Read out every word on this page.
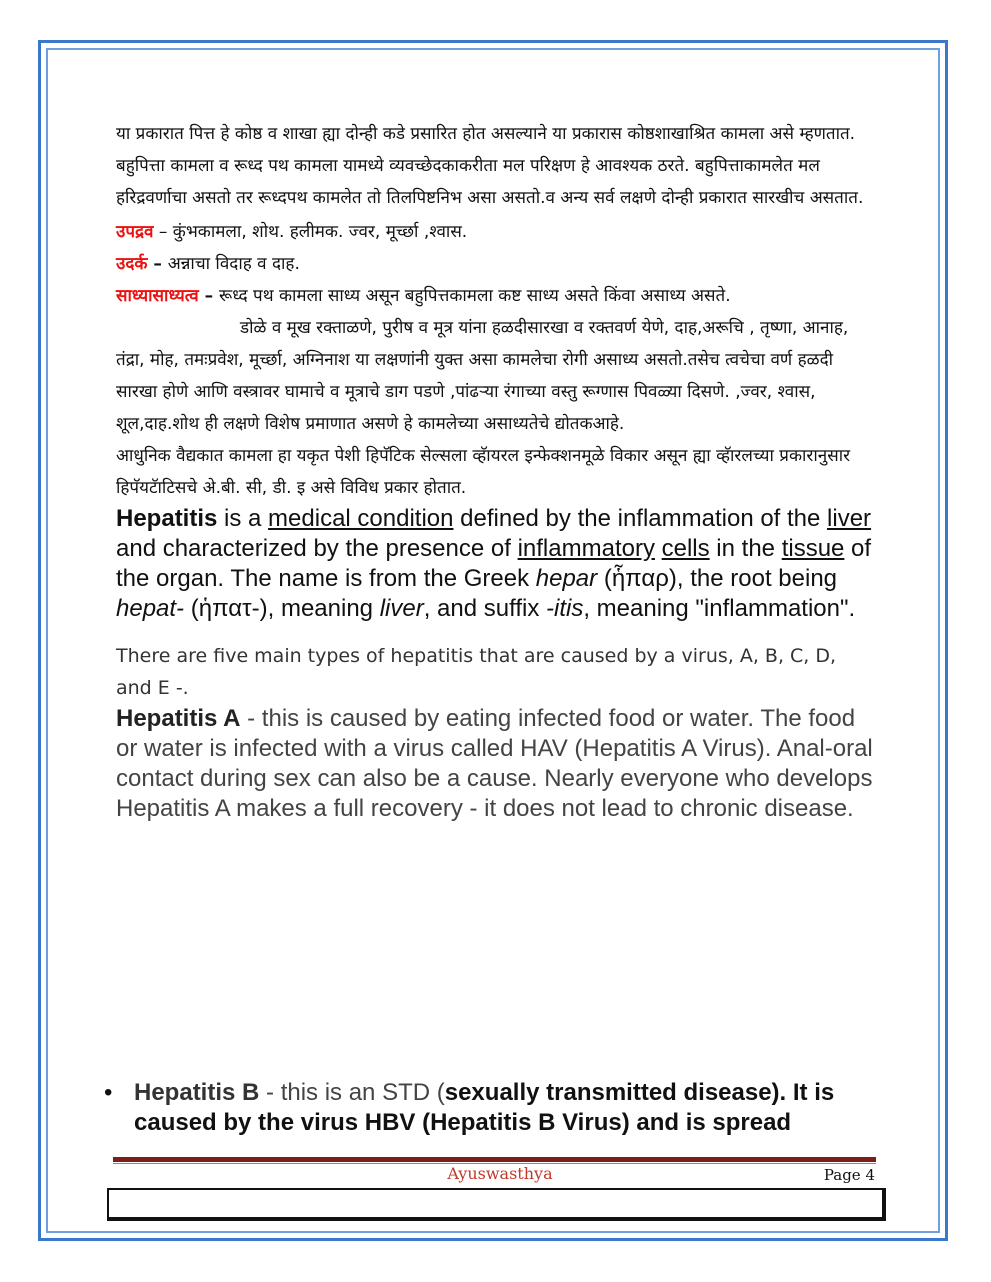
या प्रकारात पित्त हे कोष्ठ व शाखा ह्या दोन्ही कडे प्रसारित होत असल्याने या प्रकारास कोष्ठशाखाश्रित कामला असे म्हणतात.

बहुपित्ता कामला व रूध्द पथ कामला यामध्ये व्यवच्छेदकाकरीता मल परिक्षण हे आवश्यक ठरते. बहुपित्ताकामलेत मल हरिद्रवर्णाचा असतो तर रूध्दपथ कामलेत तो तिलपिष्टनिभ असा असतो.व अन्य सर्व लक्षणे दोन्ही प्रकारात सारखीच असतात.

उपद्रव – कुंभकामला, शोथ. हलीमक. ज्वर, मूर्च्छा ,श्वास.

उदर्क – अन्नाचा विदाह व दाह.

साध्यासाध्यत्व – रूध्द पथ कामला साध्य असून बहुपित्तकामला कष्ट साध्य असते किंवा असाध्य असते.

डोळे व मूख रक्ताळणे, पुरीष व मूत्र यांना हळदीसारखा व रक्तवर्ण येणे, दाह,अरूचि , तृष्णा, आनाह, तंद्रा, मोह, तमःप्रवेश, मूर्च्छा, अग्निनाश या लक्षणांनी युक्त असा कामलेचा रोगी असाध्य असतो.तसेच त्वचेचा वर्ण हळदी सारखा होणे आणि वस्त्रावर घामाचे व मूत्राचे डाग पडणे ,पांढऱ्या रंगाच्या वस्तु रूग्णास पिवळ्या दिसणे. ,ज्वर, श्वास, शूल,दाह.शोथ ही लक्षणे विशेष प्रमाणात असणे हे कामलेच्या असाध्यतेचे द्योतकआहे.

आधुनिक वैद्यकात कामला हा यकृत पेशी हिपॅटिक सेल्सला व्हॅायरल इन्फेक्शनमूळे विकार असून ह्या व्हॅारलच्या प्रकारानुसार हिपॅयटॅाटिसचे अे.बी. सी, डी. इ असे विविध प्रकार होतात.

Hepatitis is a medical condition defined by the inflammation of the liver and characterized by the presence of inflammatory cells in the tissue of the organ. The name is from the Greek hepar (ἧπαρ), the root being hepat- (ἡπατ-), meaning liver, and suffix -itis, meaning "inflammation".

There are five main types of hepatitis that are caused by a virus, A, B, C, D, and E -.

Hepatitis A - this is caused by eating infected food or water. The food or water is infected with a virus called HAV (Hepatitis A Virus). Anal-oral contact during sex can also be a cause. Nearly everyone who develops Hepatitis A makes a full recovery - it does not lead to chronic disease.

• Hepatitis B - this is an STD (sexually transmitted disease). It is caused by the virus HBV (Hepatitis B Virus) and is spread
Ayuswasthya	Page 4
